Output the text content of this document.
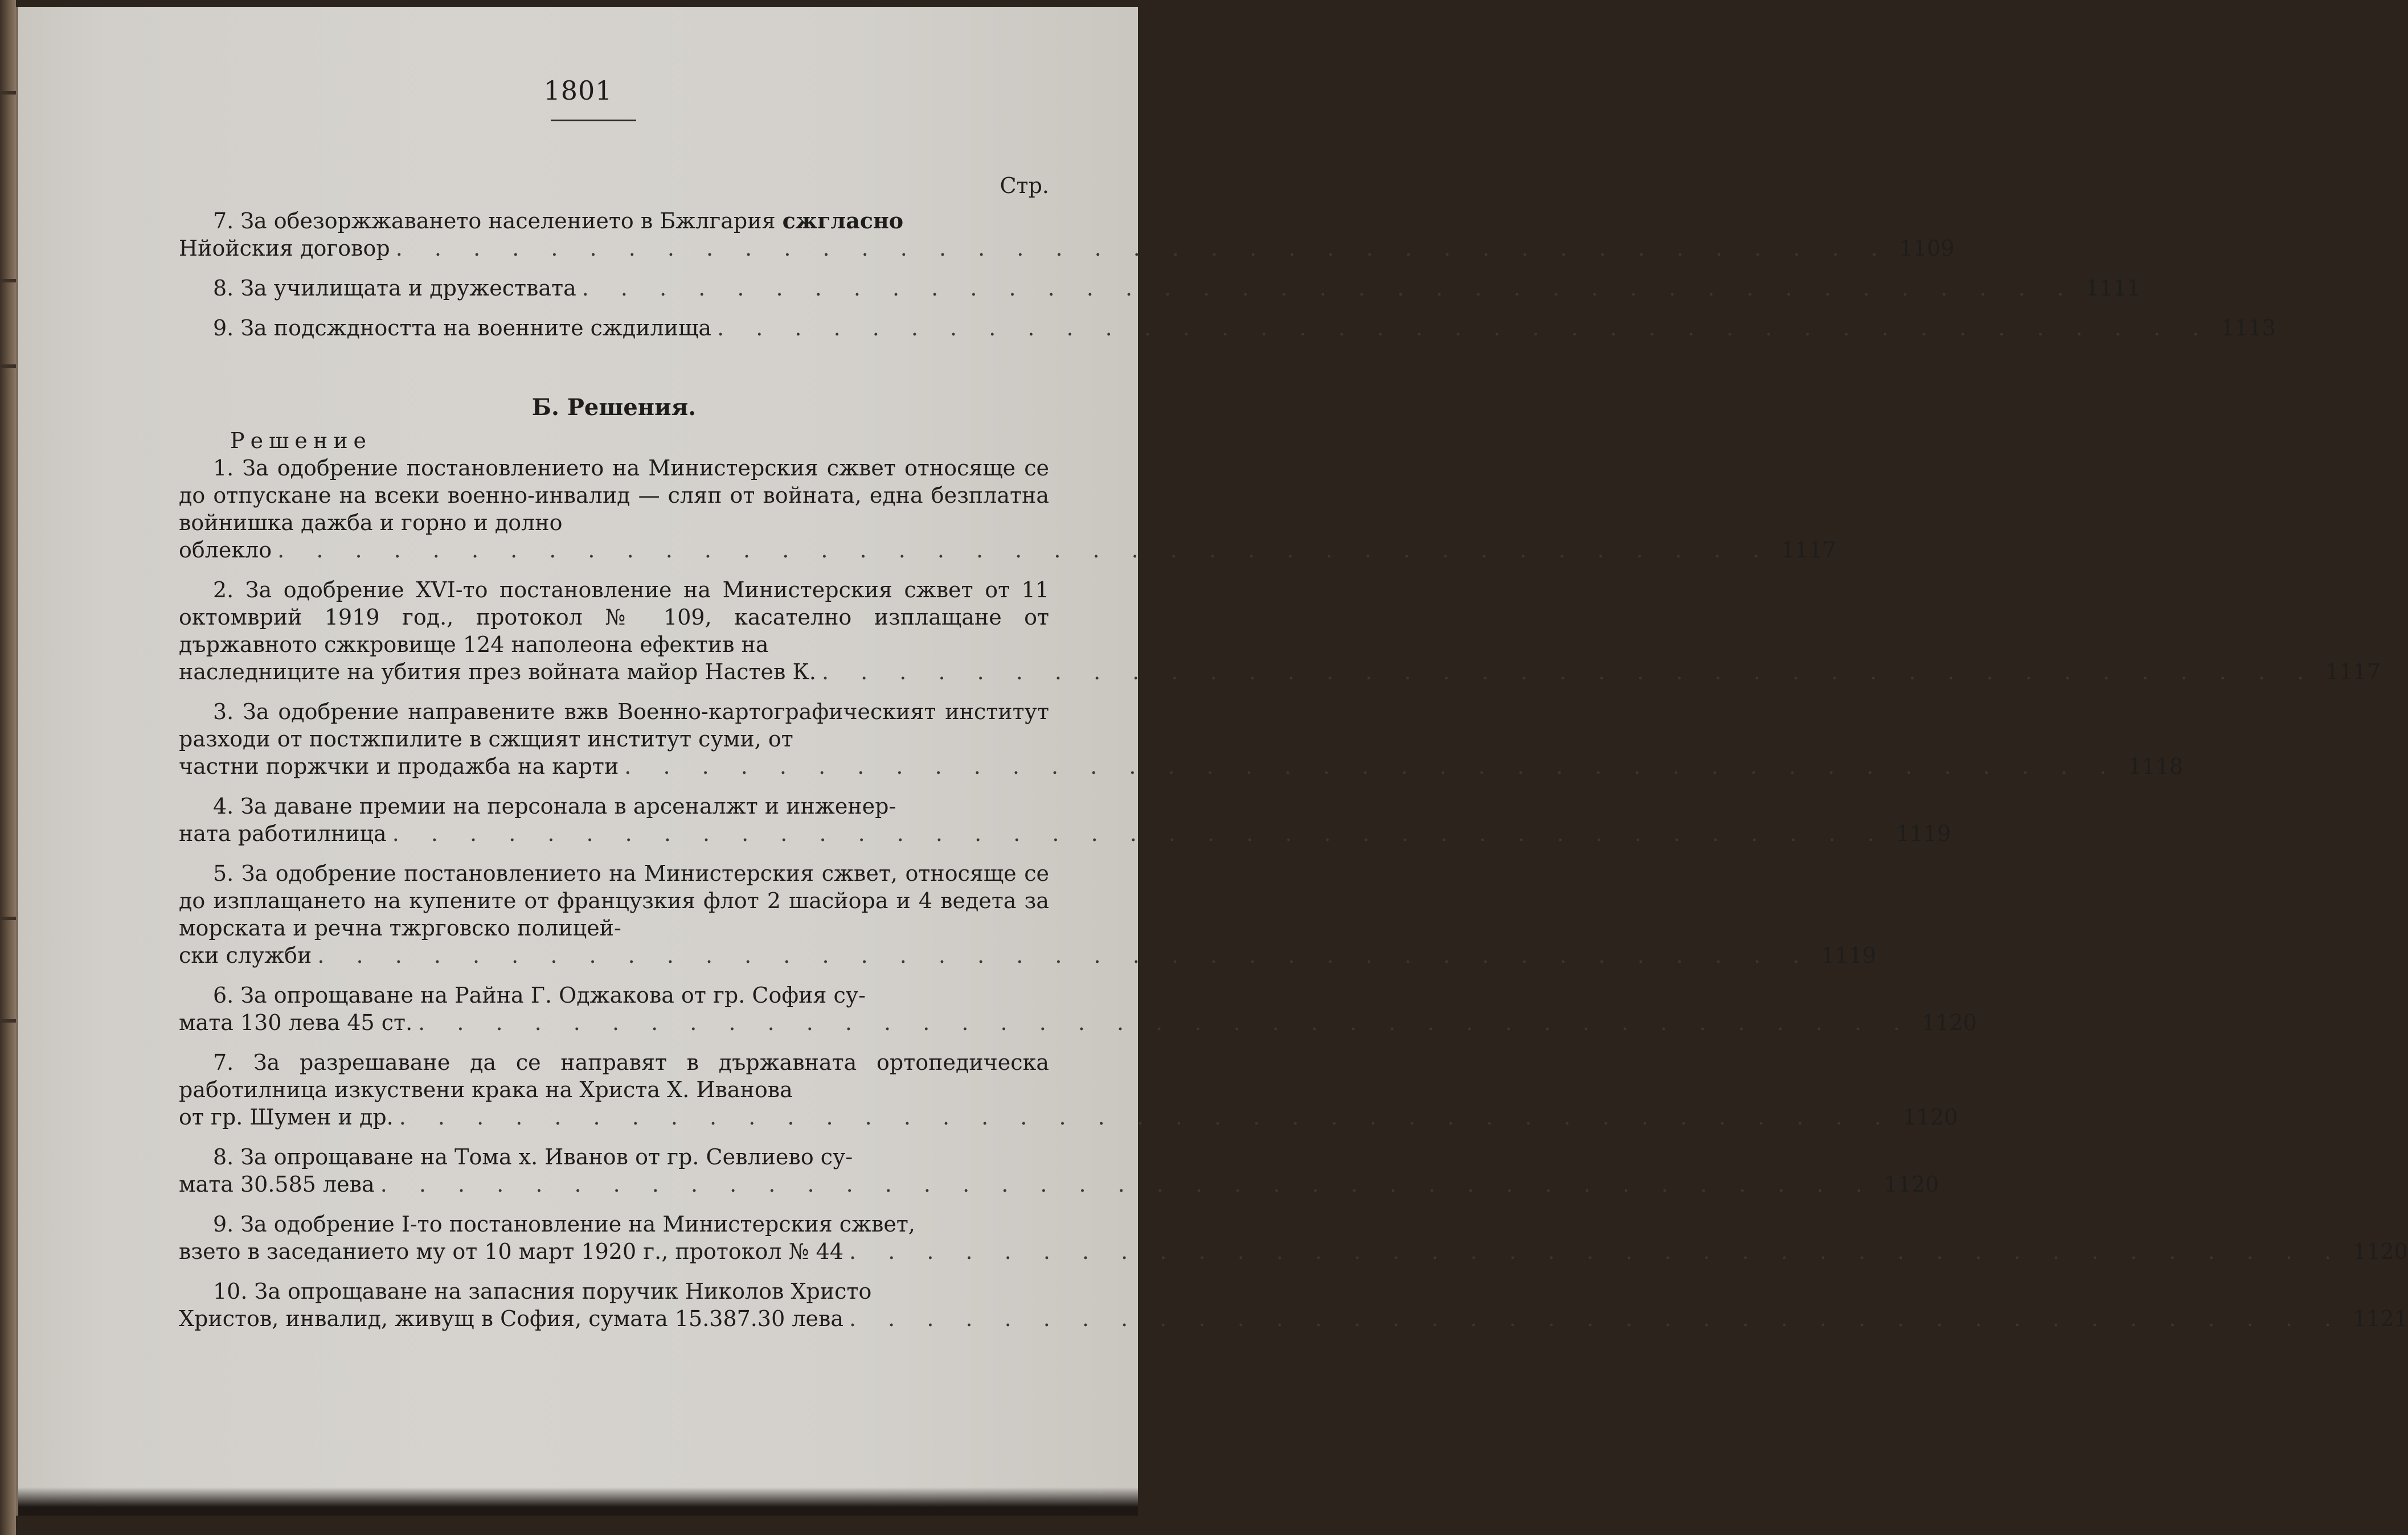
1801
Стр.
7. За обезоржжаването населението в Бжлгария сжгласно
Нйойския договор . . . . . . . . . . . . . . . . . . . . . . . . . . . . . . . . . . . . . . . 1109
8. За училищата и дружествата . . . . . . . . . . . . . . . . . . . . . . . . . . . . . . . . . . . . . . . 1111
9. За подсждността на военните сждилища . . . . . . . . . . . . . . . . . . . . . . . . . . . . . . . . . . . . . . . 1113
Б. Решения.
Решение
1. За одобрение постановлението на Министерския сжвет относяще се до отпускане на всеки военно-инвалид — сляп от войната, една безплатна войнишка дажба и горно и долно
облекло . . . . . . . . . . . . . . . . . . . . . . . . . . . . . . . . . . . . . . . 1117
2. За одобрение XVI-то постановление на Министерския сжвет от 11 октомврий 1919 год., протокол № 109, касателно изплащане от държавното сжкровище 124 наполеона ефектив на
наследниците на убития през войната майор Настев К. . . . . . . . . . . . . . . . . . . . . . . . . . . . . . . . . . . . . . . . 1117
3. За одобрение направените вжв Военно-картографическият институт разходи от постжпилите в сжщият институт суми, от
частни поржчки и продажба на карти . . . . . . . . . . . . . . . . . . . . . . . . . . . . . . . . . . . . . . . 1118
4. За даване премии на персонала в арсеналжт и инженер-
ната работилница . . . . . . . . . . . . . . . . . . . . . . . . . . . . . . . . . . . . . . . 1119
5. За одобрение постановлението на Министерския сжвет, относяще се до изплащането на купените от французкия флот 2 шасйора и 4 ведета за морската и речна тжрговско полицей-
ски служби . . . . . . . . . . . . . . . . . . . . . . . . . . . . . . . . . . . . . . . 1119
6. За опрощаване на Райна Г. Оджакова от гр. София су-
мата 130 лева 45 ст. . . . . . . . . . . . . . . . . . . . . . . . . . . . . . . . . . . . . . . . 1120
7. За разрешаване да се направят в държавната ортопедическа работилница изкуствени крака на Христа Х. Иванова
от гр. Шумен и др. . . . . . . . . . . . . . . . . . . . . . . . . . . . . . . . . . . . . . . . 1120
8. За опрощаване на Тома х. Иванов от гр. Севлиево су-
мата 30.585 лева . . . . . . . . . . . . . . . . . . . . . . . . . . . . . . . . . . . . . . . 1120
9. За одобрение I-то постановление на Министерския сжвет,
взето в заседанието му от 10 март 1920 г., протокол № 44 . . . . . . . . . . . . . . . . . . . . . . . . . . . . . . . . . . . . . . . 1120
10. За опрощаване на запасния поручик Николов Христо
Христов, инвалид, живущ в София, сумата 15.387.30 лева . . . . . . . . . . . . . . . . . . . . . . . . . . . . . . . . . . . . . . . 1121
